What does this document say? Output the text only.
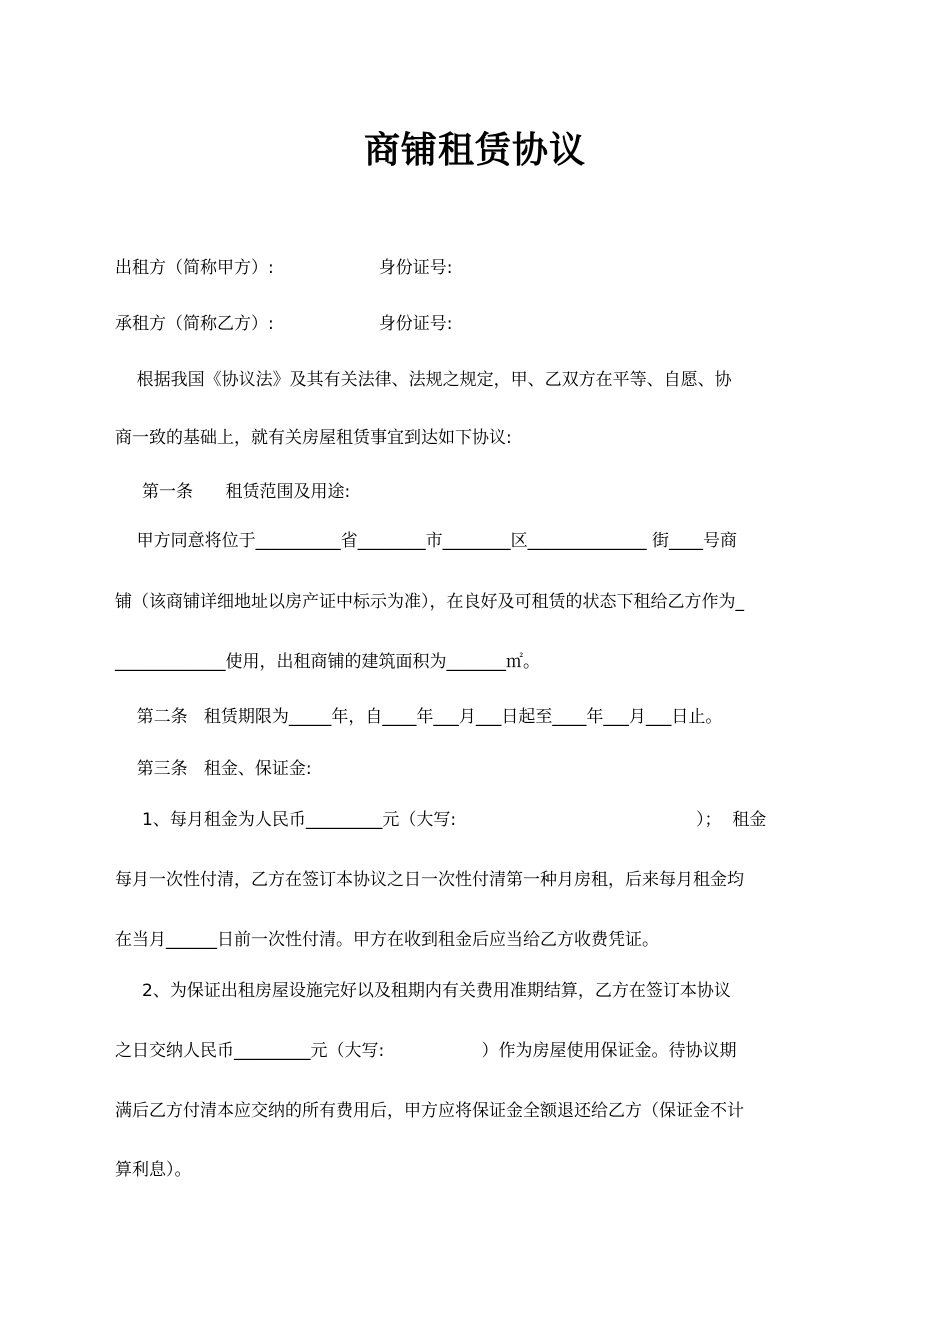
商铺租赁协议
出租方（简称甲方）:	身份证号:
承租方（简称乙方）:	身份证号:
根据我国《协议法》及其有关法律、法规之规定，甲、乙双方在平等、自愿、协
商一致的基础上，就有关房屋租赁事宜到达如下协议:
第一条      租赁范围及用途:
甲方同意将位于__________省________市________区______________ 街____号商
铺（该商铺详细地址以房产证中标示为准），在良好及可租赁的状态下租给乙方作为_
_____________使用，出租商铺的建筑面积为_______㎡。
第二条   租赁期限为_____年，自____年___月___日起至____年___月___日止。
第三条   租金、保证金:
1、每月租金为人民币_________元（大写:	）；  租金
每月一次性付清，乙方在签订本协议之日一次性付清第一种月房租，后来每月租金均
在当月______日前一次性付清。甲方在收到租金后应当给乙方收费凭证。
2、为保证出租房屋设施完好以及租期内有关费用准期结算，乙方在签订本协议
之日交纳人民币_________元（大写:                  ）作为房屋使用保证金。待协议期
满后乙方付清本应交纳的所有费用后，甲方应将保证金全额退还给乙方（保证金不计
算利息）。
